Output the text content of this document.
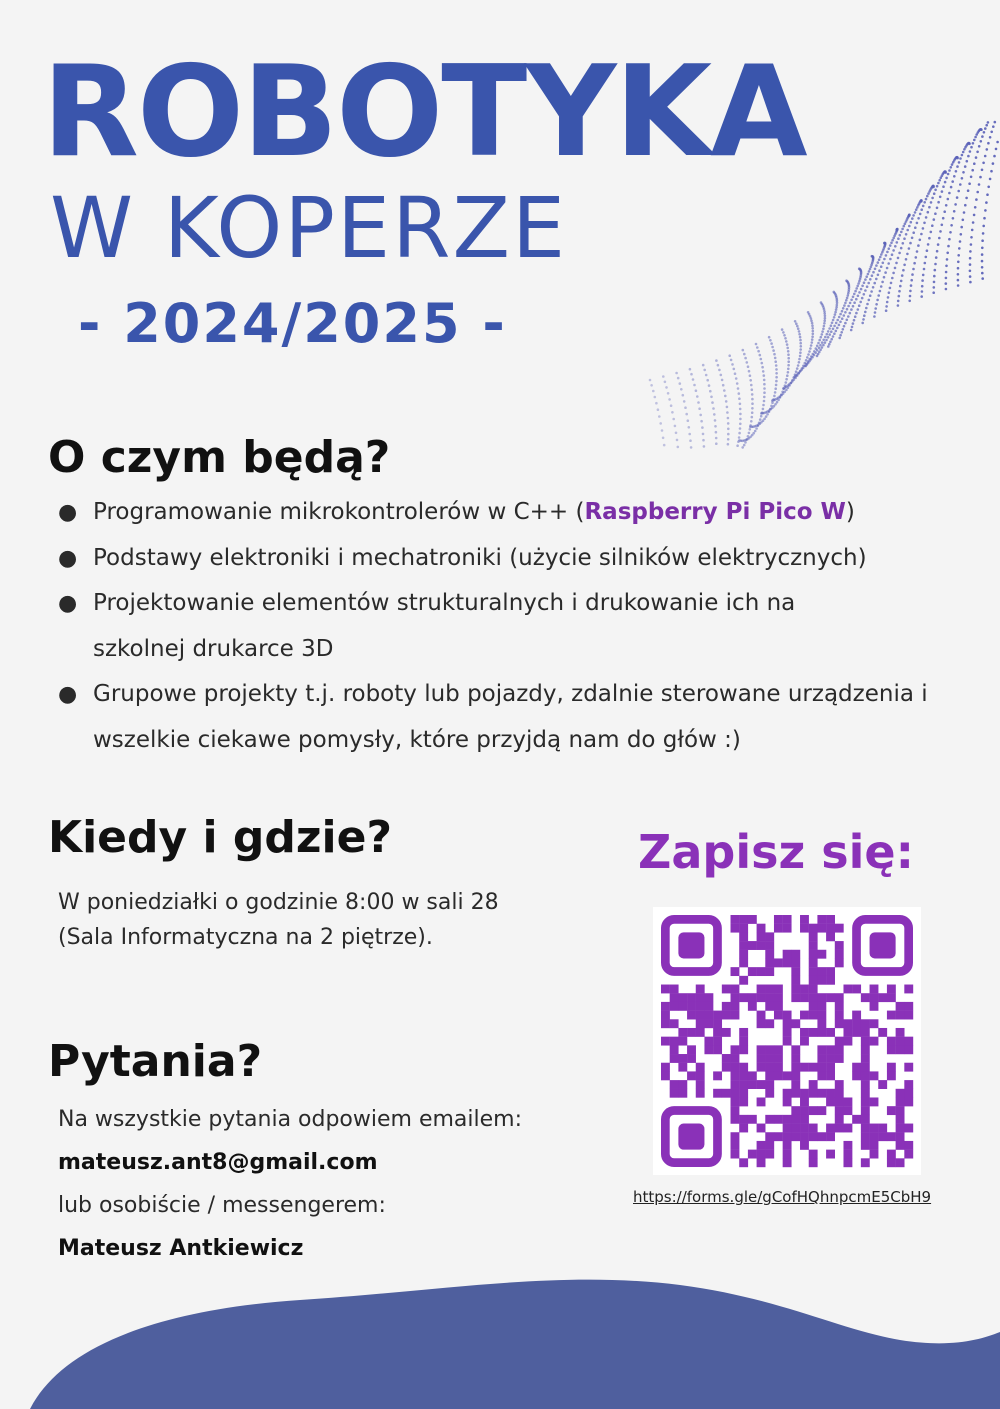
ROBOTYKA
W KOPERZE
- 2024/2025 -
O czym będą?
● Programowanie mikrokontrolerów w C++ (Raspberry Pi Pico W)
● Podstawy elektroniki i mechatroniki (użycie silników elektrycznych)
● Projektowanie elementów strukturalnych i drukowanie ich na szkolnej drukarce 3D
● Grupowe projekty t.j. roboty lub pojazdy, zdalnie sterowane urządzenia i wszelkie ciekawe pomysły, które przyjdą nam do głów :)
Kiedy i gdzie?
W poniedziałki o godzinie 8:00 w sali 28
(Sala Informatyczna na 2 piętrze).
Pytania?
Na wszystkie pytania odpowiem emailem:
mateusz.ant8@gmail.com
lub osobiście / messengerem:
Mateusz Antkiewicz
Zapisz się:
https://forms.gle/gCofHQhnpcmE5CbH9
